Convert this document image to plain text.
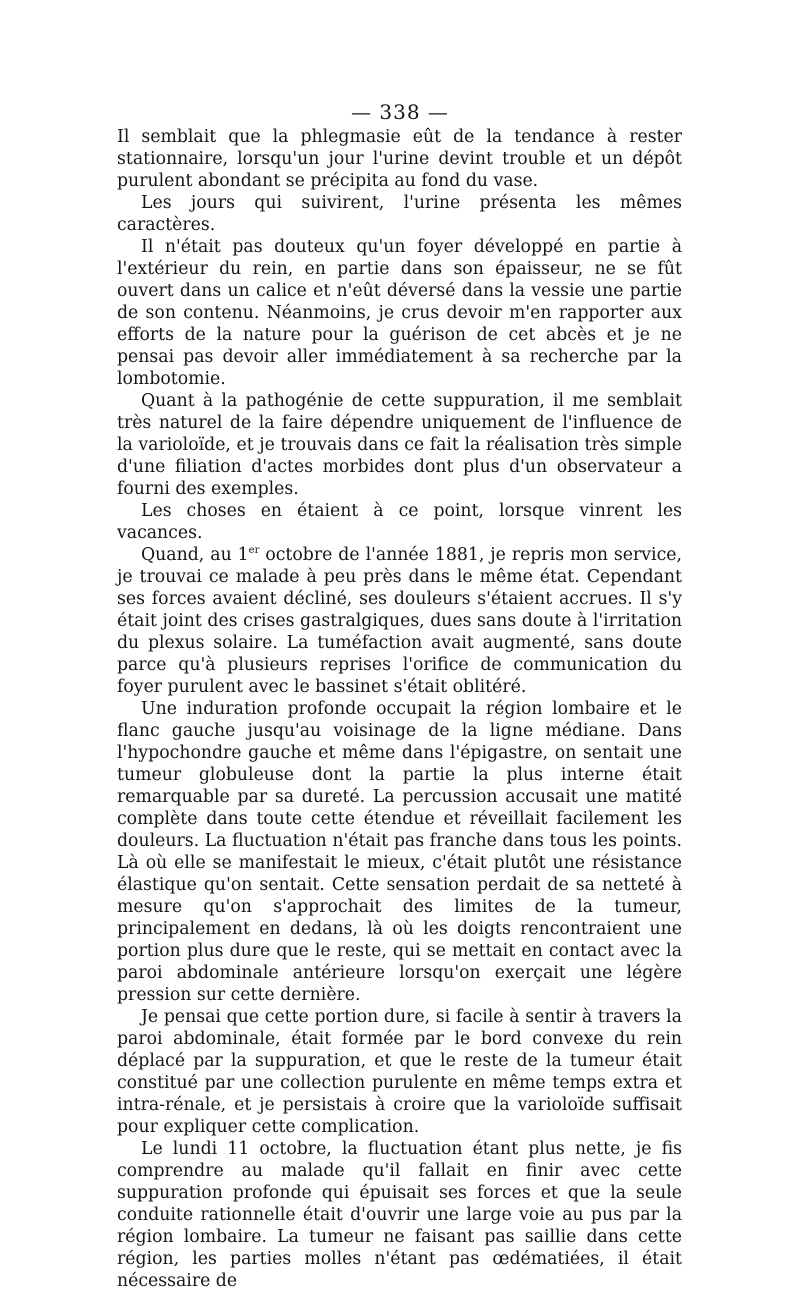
— 338 —

Il semblait que la phlegmasie eût de la tendance à rester stationnaire, lorsqu'un jour l'urine devint trouble et un dépôt purulent abondant se précipita au fond du vase.

Les jours qui suivirent, l'urine présenta les mêmes caractères.

Il n'était pas douteux qu'un foyer développé en partie à l'extérieur du rein, en partie dans son épaisseur, ne se fût ouvert dans un calice et n'eût déversé dans la vessie une partie de son contenu. Néanmoins, je crus devoir m'en rapporter aux efforts de la nature pour la guérison de cet abcès et je ne pensai pas devoir aller immédiatement à sa recherche par la lombotomie.

Quant à la pathogénie de cette suppuration, il me semblait très naturel de la faire dépendre uniquement de l'influence de la varioloïde, et je trouvais dans ce fait la réalisation très simple d'une filiation d'actes morbides dont plus d'un observateur a fourni des exemples.

Les choses en étaient à ce point, lorsque vinrent les vacances.

Quand, au 1er octobre de l'année 1881, je repris mon service, je trouvai ce malade à peu près dans le même état. Cependant ses forces avaient décliné, ses douleurs s'étaient accrues. Il s'y était joint des crises gastralgiques, dues sans doute à l'irritation du plexus solaire. La tuméfaction avait augmenté, sans doute parce qu'à plusieurs reprises l'orifice de communication du foyer purulent avec le bassinet s'était oblitéré.

Une induration profonde occupait la région lombaire et le flanc gauche jusqu'au voisinage de la ligne médiane. Dans l'hypochondre gauche et même dans l'épigastre, on sentait une tumeur globuleuse dont la partie la plus interne était remarquable par sa dureté. La percussion accusait une matité complète dans toute cette étendue et réveillait facilement les douleurs. La fluctuation n'était pas franche dans tous les points. Là où elle se manifestait le mieux, c'était plutôt une résistance élastique qu'on sentait. Cette sensation perdait de sa netteté à mesure qu'on s'approchait des limites de la tumeur, principalement en dedans, là où les doigts rencontraient une portion plus dure que le reste, qui se mettait en contact avec la paroi abdominale antérieure lorsqu'on exerçait une légère pression sur cette dernière.

Je pensai que cette portion dure, si facile à sentir à travers la paroi abdominale, était formée par le bord convexe du rein déplacé par la suppuration, et que le reste de la tumeur était constitué par une collection purulente en même temps extra et intra-rénale, et je persistais à croire que la varioloïde suffisait pour expliquer cette complication.

Le lundi 11 octobre, la fluctuation étant plus nette, je fis comprendre au malade qu'il fallait en finir avec cette suppuration profonde qui épuisait ses forces et que la seule conduite rationnelle était d'ouvrir une large voie au pus par la région lombaire. La tumeur ne faisant pas saillie dans cette région, les parties molles n'étant pas œdématiées, il était nécessaire de
